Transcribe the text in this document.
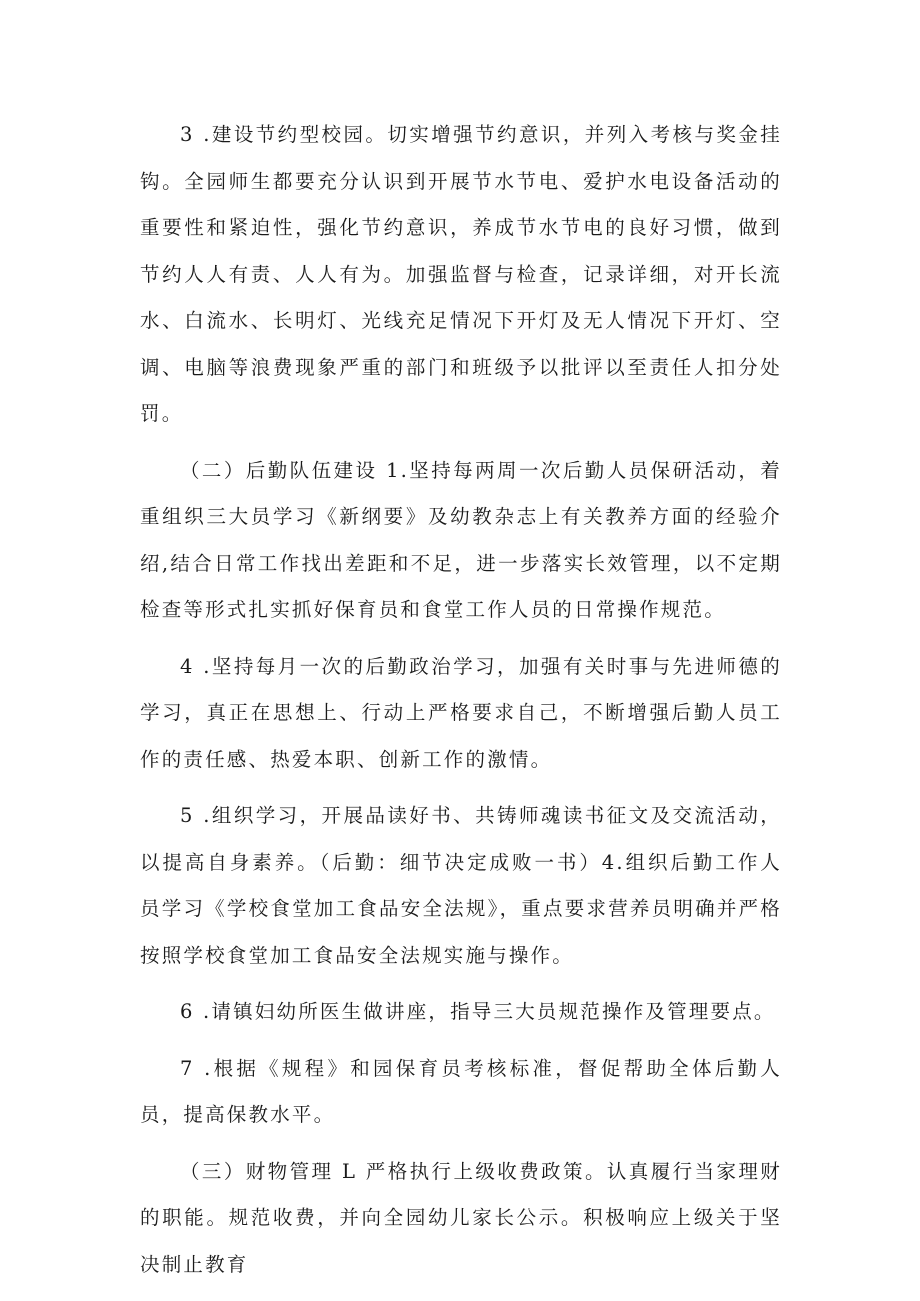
3 .建设节约型校园。切实增强节约意识，并列入考核与奖金挂钩。全园师生都要充分认识到开展节水节电、爱护水电设备活动的重要性和紧迫性，强化节约意识，养成节水节电的良好习惯，做到节约人人有责、人人有为。加强监督与检查，记录详细，对开长流水、白流水、长明灯、光线充足情况下开灯及无人情况下开灯、空调、电脑等浪费现象严重的部门和班级予以批评以至责任人扣分处罚。

（二）后勤队伍建设 1.坚持每两周一次后勤人员保研活动，着重组织三大员学习《新纲要》及幼教杂志上有关教养方面的经验介绍,结合日常工作找出差距和不足，进一步落实长效管理，以不定期检查等形式扎实抓好保育员和食堂工作人员的日常操作规范。

4 .坚持每月一次的后勤政治学习，加强有关时事与先进师德的学习，真正在思想上、行动上严格要求自己，不断增强后勤人员工作的责任感、热爱本职、创新工作的激情。

5 .组织学习，开展品读好书、共铸师魂读书征文及交流活动，以提高自身素养。（后勤：细节决定成败一书）4.组织后勤工作人员学习《学校食堂加工食品安全法规》，重点要求营养员明确并严格按照学校食堂加工食品安全法规实施与操作。

6 .请镇妇幼所医生做讲座，指导三大员规范操作及管理要点。

7 .根据《规程》和园保育员考核标准，督促帮助全体后勤人员，提高保教水平。

（三）财物管理 L 严格执行上级收费政策。认真履行当家理财的职能。规范收费，并向全园幼儿家长公示。积极响应上级关于坚决制止教育
